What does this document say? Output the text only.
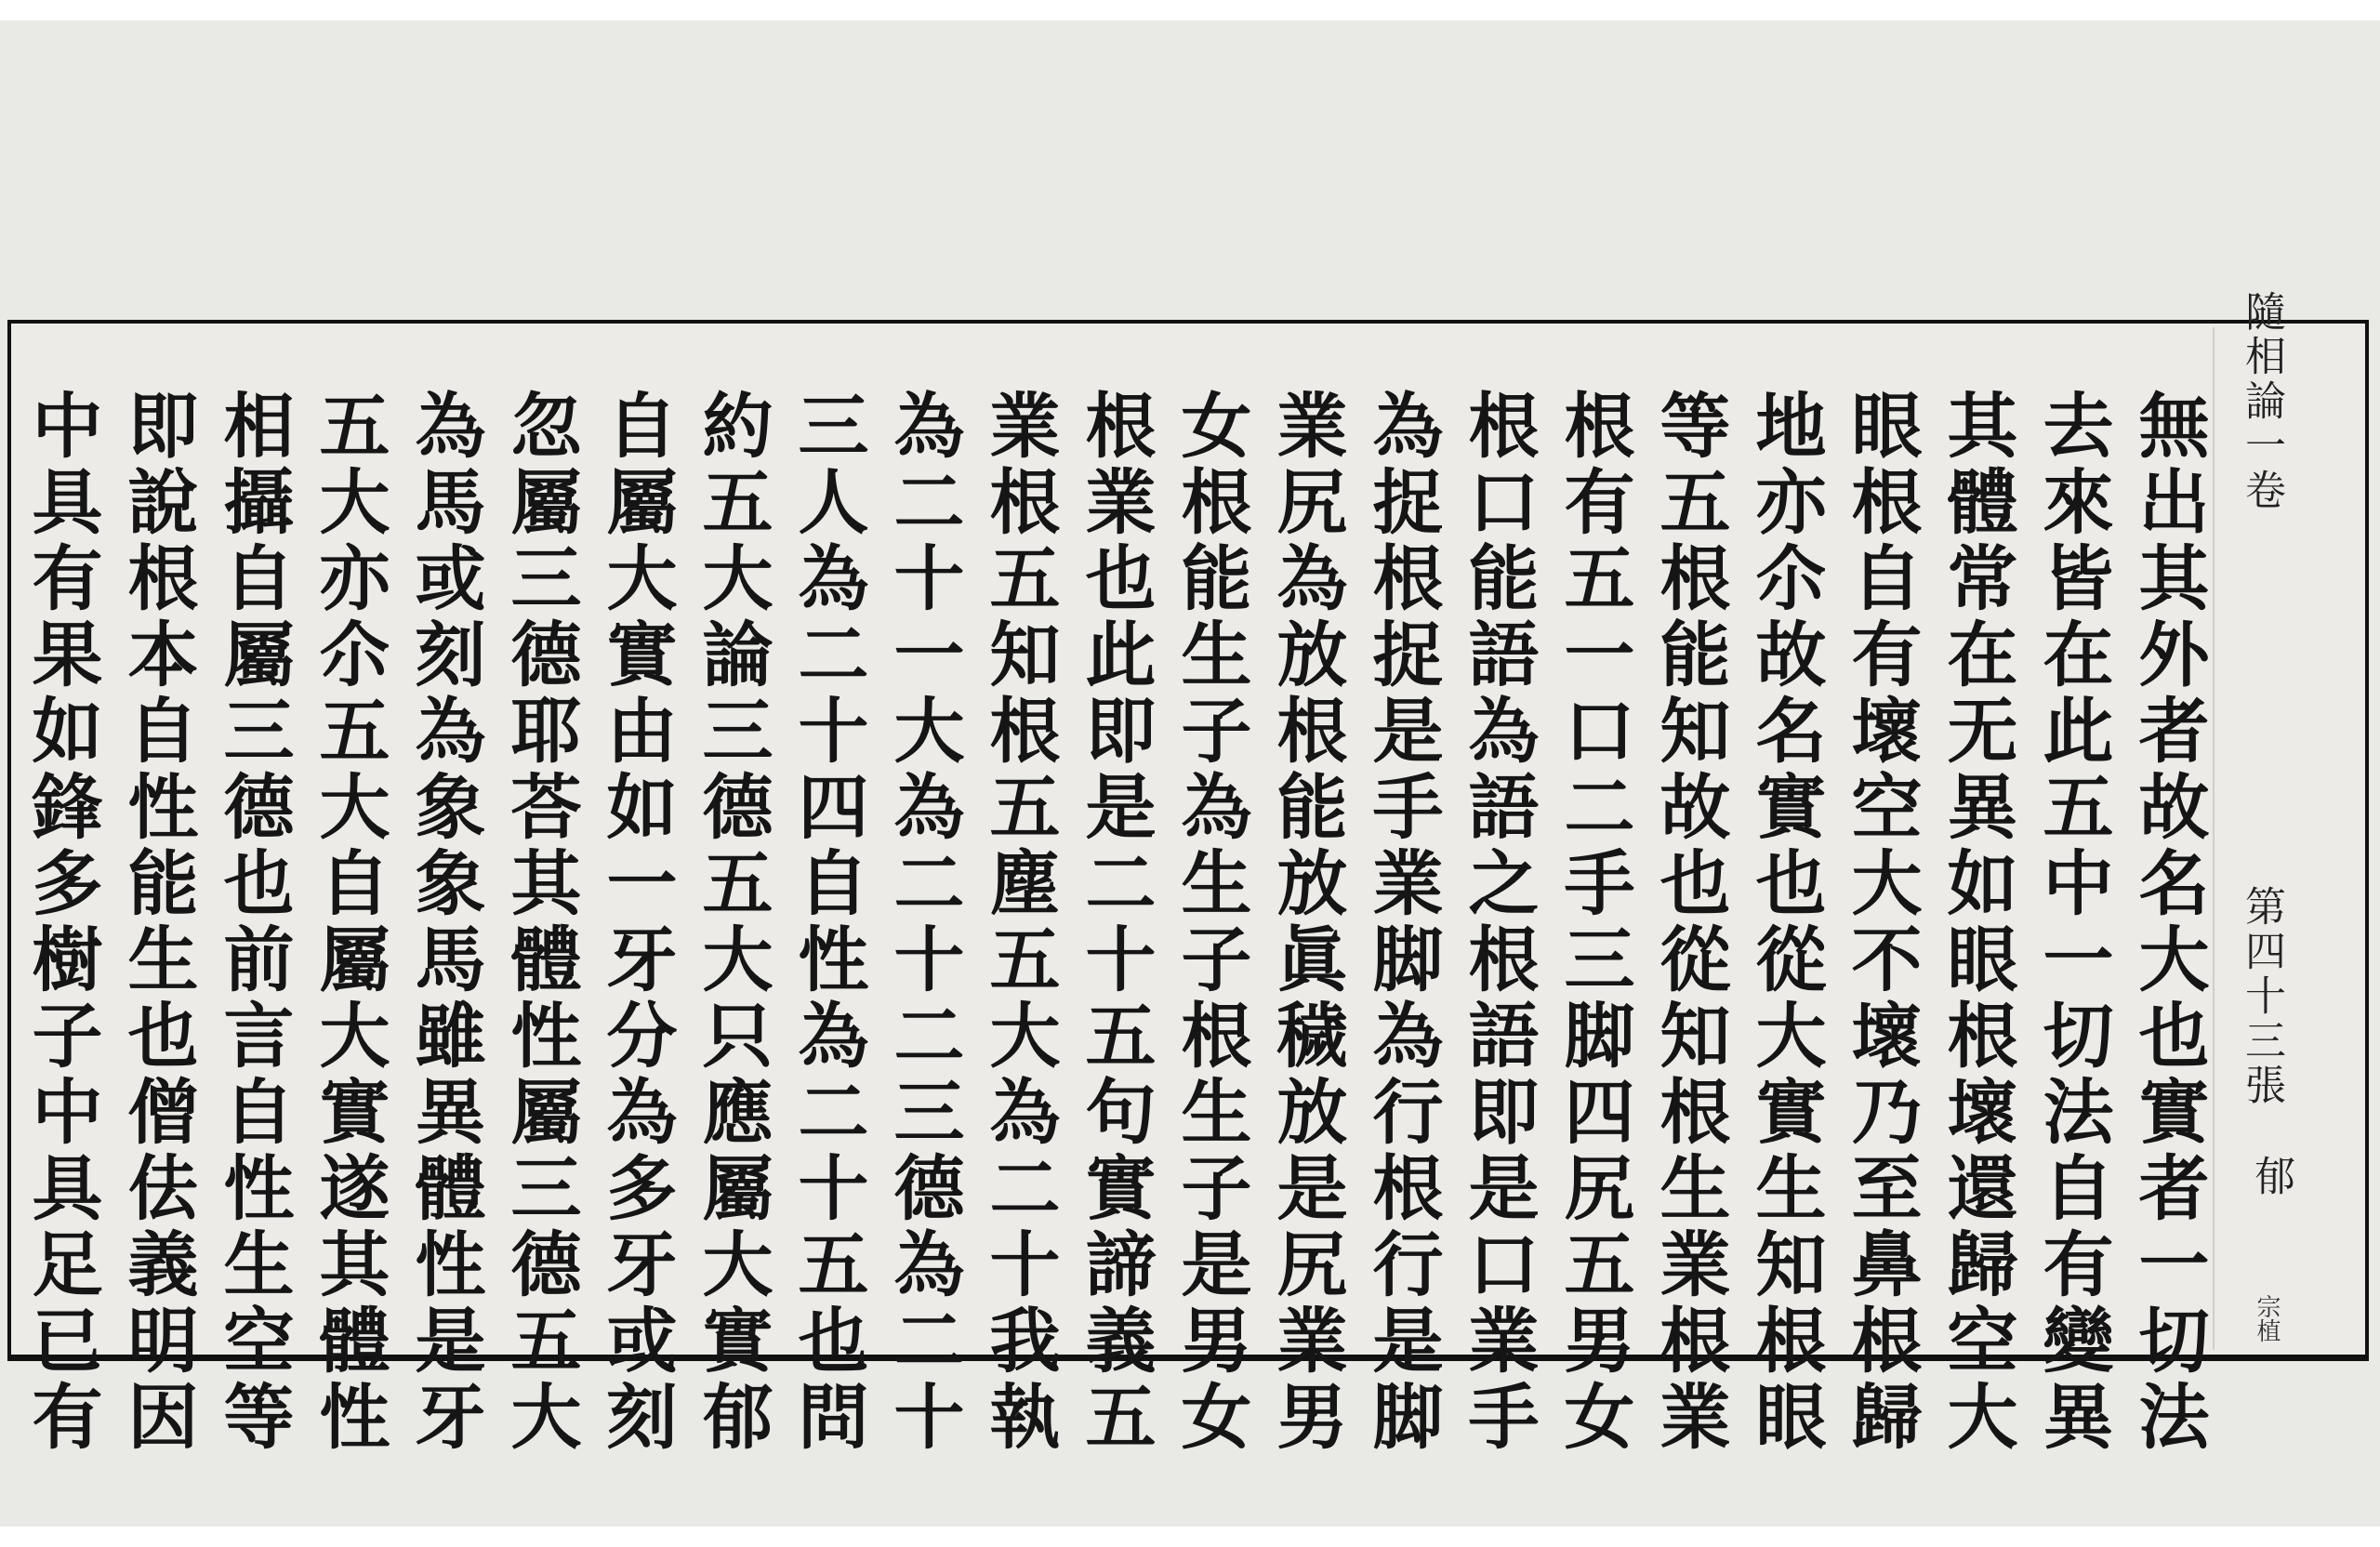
無出其外者故名大也實者一切法
去來皆在此五中一切法自有變異
其體常在无異如眼根壞還歸空大
眼根自有壞空大不壞乃至鼻根歸
地亦尒故名實也從大實生知根眼
等五根能知故也從知根生業根業
根有五一口二手三脚四尻五男女
根口能語為語之根語即是口業手
為捉根捉是手業脚為行根行是脚
業尻為放根能放眞穢放是尻業男
女根能生子為生子根生子是男女
根業也此即是二十五句實諦義五
業根五知根五塵五大為二十我執
為二十一大為二十二三德為二十
三人為二十四自性為二十五也問
約五大論三德五大只應屬大實郁
自屬大實由如一牙分為多牙或刻
忽屬三德耶荅其體性屬三德五大
為馬或刻為象象馬雖異體性是牙
五大亦尒五大自屬大實遂其體性
相攝自屬三德也前言自性生空等
即說根本自性能生也僧佉義明因
中具有果如鋒多樹子中具足已有	隨相論一卷
第四十三張
郁
宗植
